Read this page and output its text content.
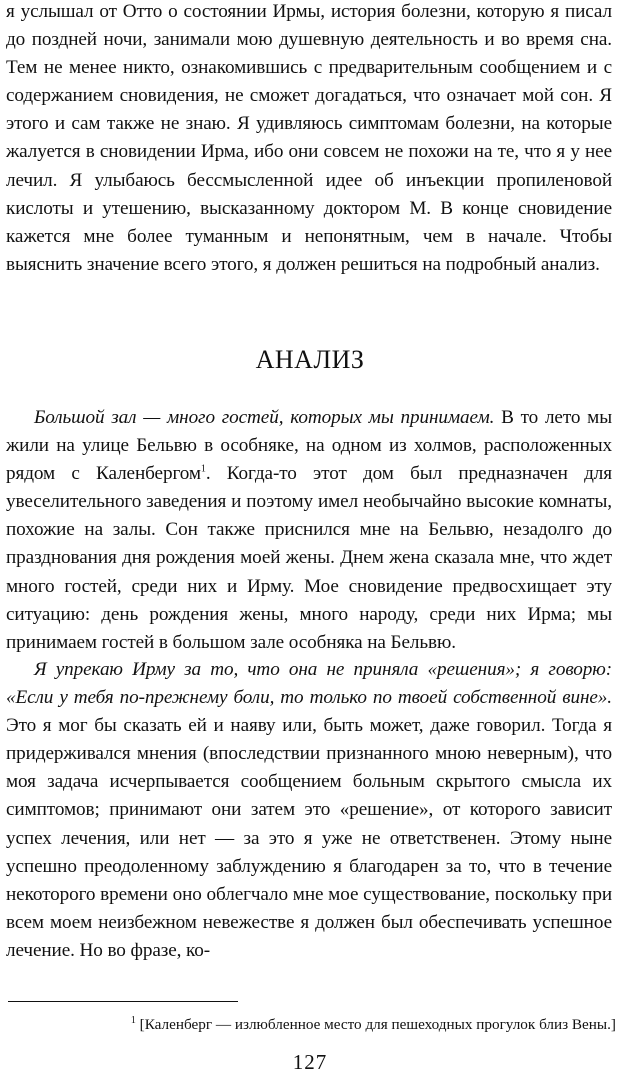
я услышал от Отто о состоянии Ирмы, история болезни, которую я писал до поздней ночи, занимали мою душевную деятельность и во время сна. Тем не менее никто, ознакомившись с предварительным сообщением и с содержанием сновидения, не сможет догадаться, что означает мой сон. Я этого и сам также не знаю. Я удивляюсь симптомам болезни, на которые жалуется в сновидении Ирма, ибо они совсем не похожи на те, что я у нее лечил. Я улыбаюсь бессмысленной идее об инъекции пропиленовой кислоты и утешению, высказанному доктором М. В конце сновидение кажется мне более туманным и непонятным, чем в начале. Чтобы выяснить значение всего этого, я должен решиться на подробный анализ.

АНАЛИЗ

Большой зал — много гостей, которых мы принимаем. В то лето мы жили на улице Бельвю в особняке, на одном из холмов, расположенных рядом с Каленбергом$^1$. Когда-то этот дом был предназначен для увеселительного заведения и поэтому имел необычайно высокие комнаты, похожие на залы. Сон также приснился мне на Бельвю, незадолго до празднования дня рождения моей жены. Днем жена сказала мне, что ждет много гостей, среди них и Ирму. Мое сновидение предвосхищает эту ситуацию: день рождения жены, много народу, среди них Ирма; мы принимаем гостей в большом зале особняка на Бельвю.

Я упрекаю Ирму за то, что она не приняла «решения»; я говорю: «Если у тебя по-прежнему боли, то только по твоей собственной вине». Это я мог бы сказать ей и наяву или, быть может, даже говорил. Тогда я придерживался мнения (впоследствии признанного мною неверным), что моя задача исчерпывается сообщением больным скрытого смысла их симптомов; принимают они затем это «решение», от которого зависит успех лечения, или нет — за это я уже не ответственен. Этому ныне успешно преодоленному заблуждению я благодарен за то, что в течение некоторого времени оно облегчало мне мое существование, поскольку при всем моем неизбежном невежестве я должен был обеспечивать успешное лечение. Но во фразе, ко-

$^1$ [Каленберг — излюбленное место для пешеходных прогулок близ Вены.]

127
